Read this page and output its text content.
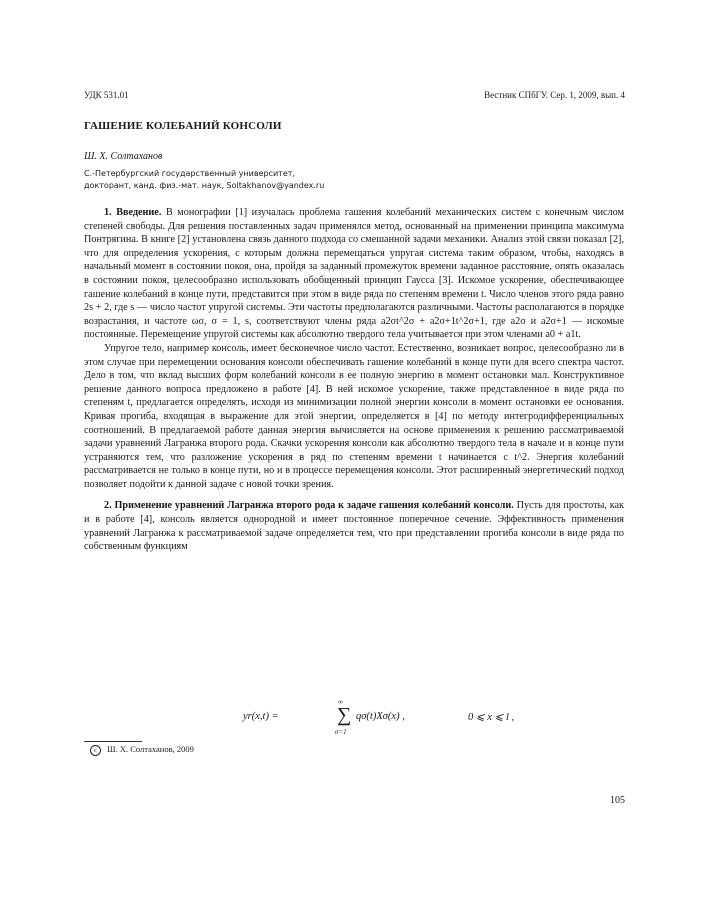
УДК 531.01	Вестник СПбГУ. Сер. 1, 2009, вып. 4
ГАШЕНИЕ КОЛЕБАНИЙ КОНСОЛИ
Ш. Х. Солтаханов
С.-Петербургский государственный университет,
докторант, канд. физ.-мат. наук, Soltakhanov@yandex.ru

1. Введение. В монографии [1] изучалась проблема гашения колебаний механических систем с конечным числом степеней свободы. Для решения поставленных задач применялся метод, основанный на применении принципа максимума Понтрягина. В книге [2] установлена связь данного подхода со смешанной задачи механики. Анализ этой связи показал [2], что для определения ускорения, с которым должна перемещаться упругая система таким образом, чтобы, находясь в начальный момент в состоянии покоя, она, пройдя за заданный промежуток времени заданное расстояние, опять оказалась в состоянии покоя, целесообразно использовать обобщенный принцип Гаусса [3]. Искомое ускорение, обеспечивающее гашение колебаний в конце пути, представится при этом в виде ряда по степеням времени t. Число членов этого ряда равно 2s + 2, где s — число частот упругой системы. Эти частоты предполагаются различными. Частоты располагаются в порядке возрастания, и частоте ωσ, σ = 1, s, соответствуют члены ряда a2σt^2σ + a2σ+1t^2σ+1, где a2σ и a2σ+1 — искомые постоянные. Перемещение упругой системы как абсолютно твердого тела учитывается при этом членами a0 + a1t.

Упругое тело, например консоль, имеет бесконечное число частот. Естественно, возникает вопрос, целесообразно ли в этом случае при перемещении основания консоли обеспечивать гашение колебаний в конце пути для всего спектра частот. Дело в том, что вклад высших форм колебаний консоли в ее полную энергию в момент остановки мал. Конструктивное решение данного вопроса предложено в работе [4]. В ней искомое ускорение, также представленное в виде ряда по степеням t, предлагается определять, исходя из минимизации полной энергии консоли в момент остановки ее основания. Кривая прогиба, входящая в выражение для этой энергии, определяется в [4] по методу интегродифференциальных соотношений. В предлагаемой работе данная энергия вычисляется на основе применения к решению рассматриваемой задачи уравнений Лагранжа второго рода. Скачки ускорения консоли как абсолютно твердого тела в начале и в конце пути устраняются тем, что разложение ускорения в ряд по степеням времени t начинается с t^2. Энергия колебаний рассматривается не только в конце пути, но и в процессе перемещения консоли. Этот расширенный энергетический подход позволяет подойти к данной задаче с новой точки зрения.

2. Применение уравнений Лагранжа второго рода к задаче гашения колебаний консоли. Пусть для простоты, как и в работе [4], консоль является однородной и имеет постоянное поперечное сечение. Эффективность применения уравнений Лагранжа к рассматриваемой задаче определяется тем, что при представлении прогиба консоли в виде ряда по собственным функциям

yr(x,t) =
∞
∑
σ=1
qσ(t)Xσ(x) ,	0 ⩽ x ⩽ l ,
c Ш. Х. Солтаханов, 2009
105
